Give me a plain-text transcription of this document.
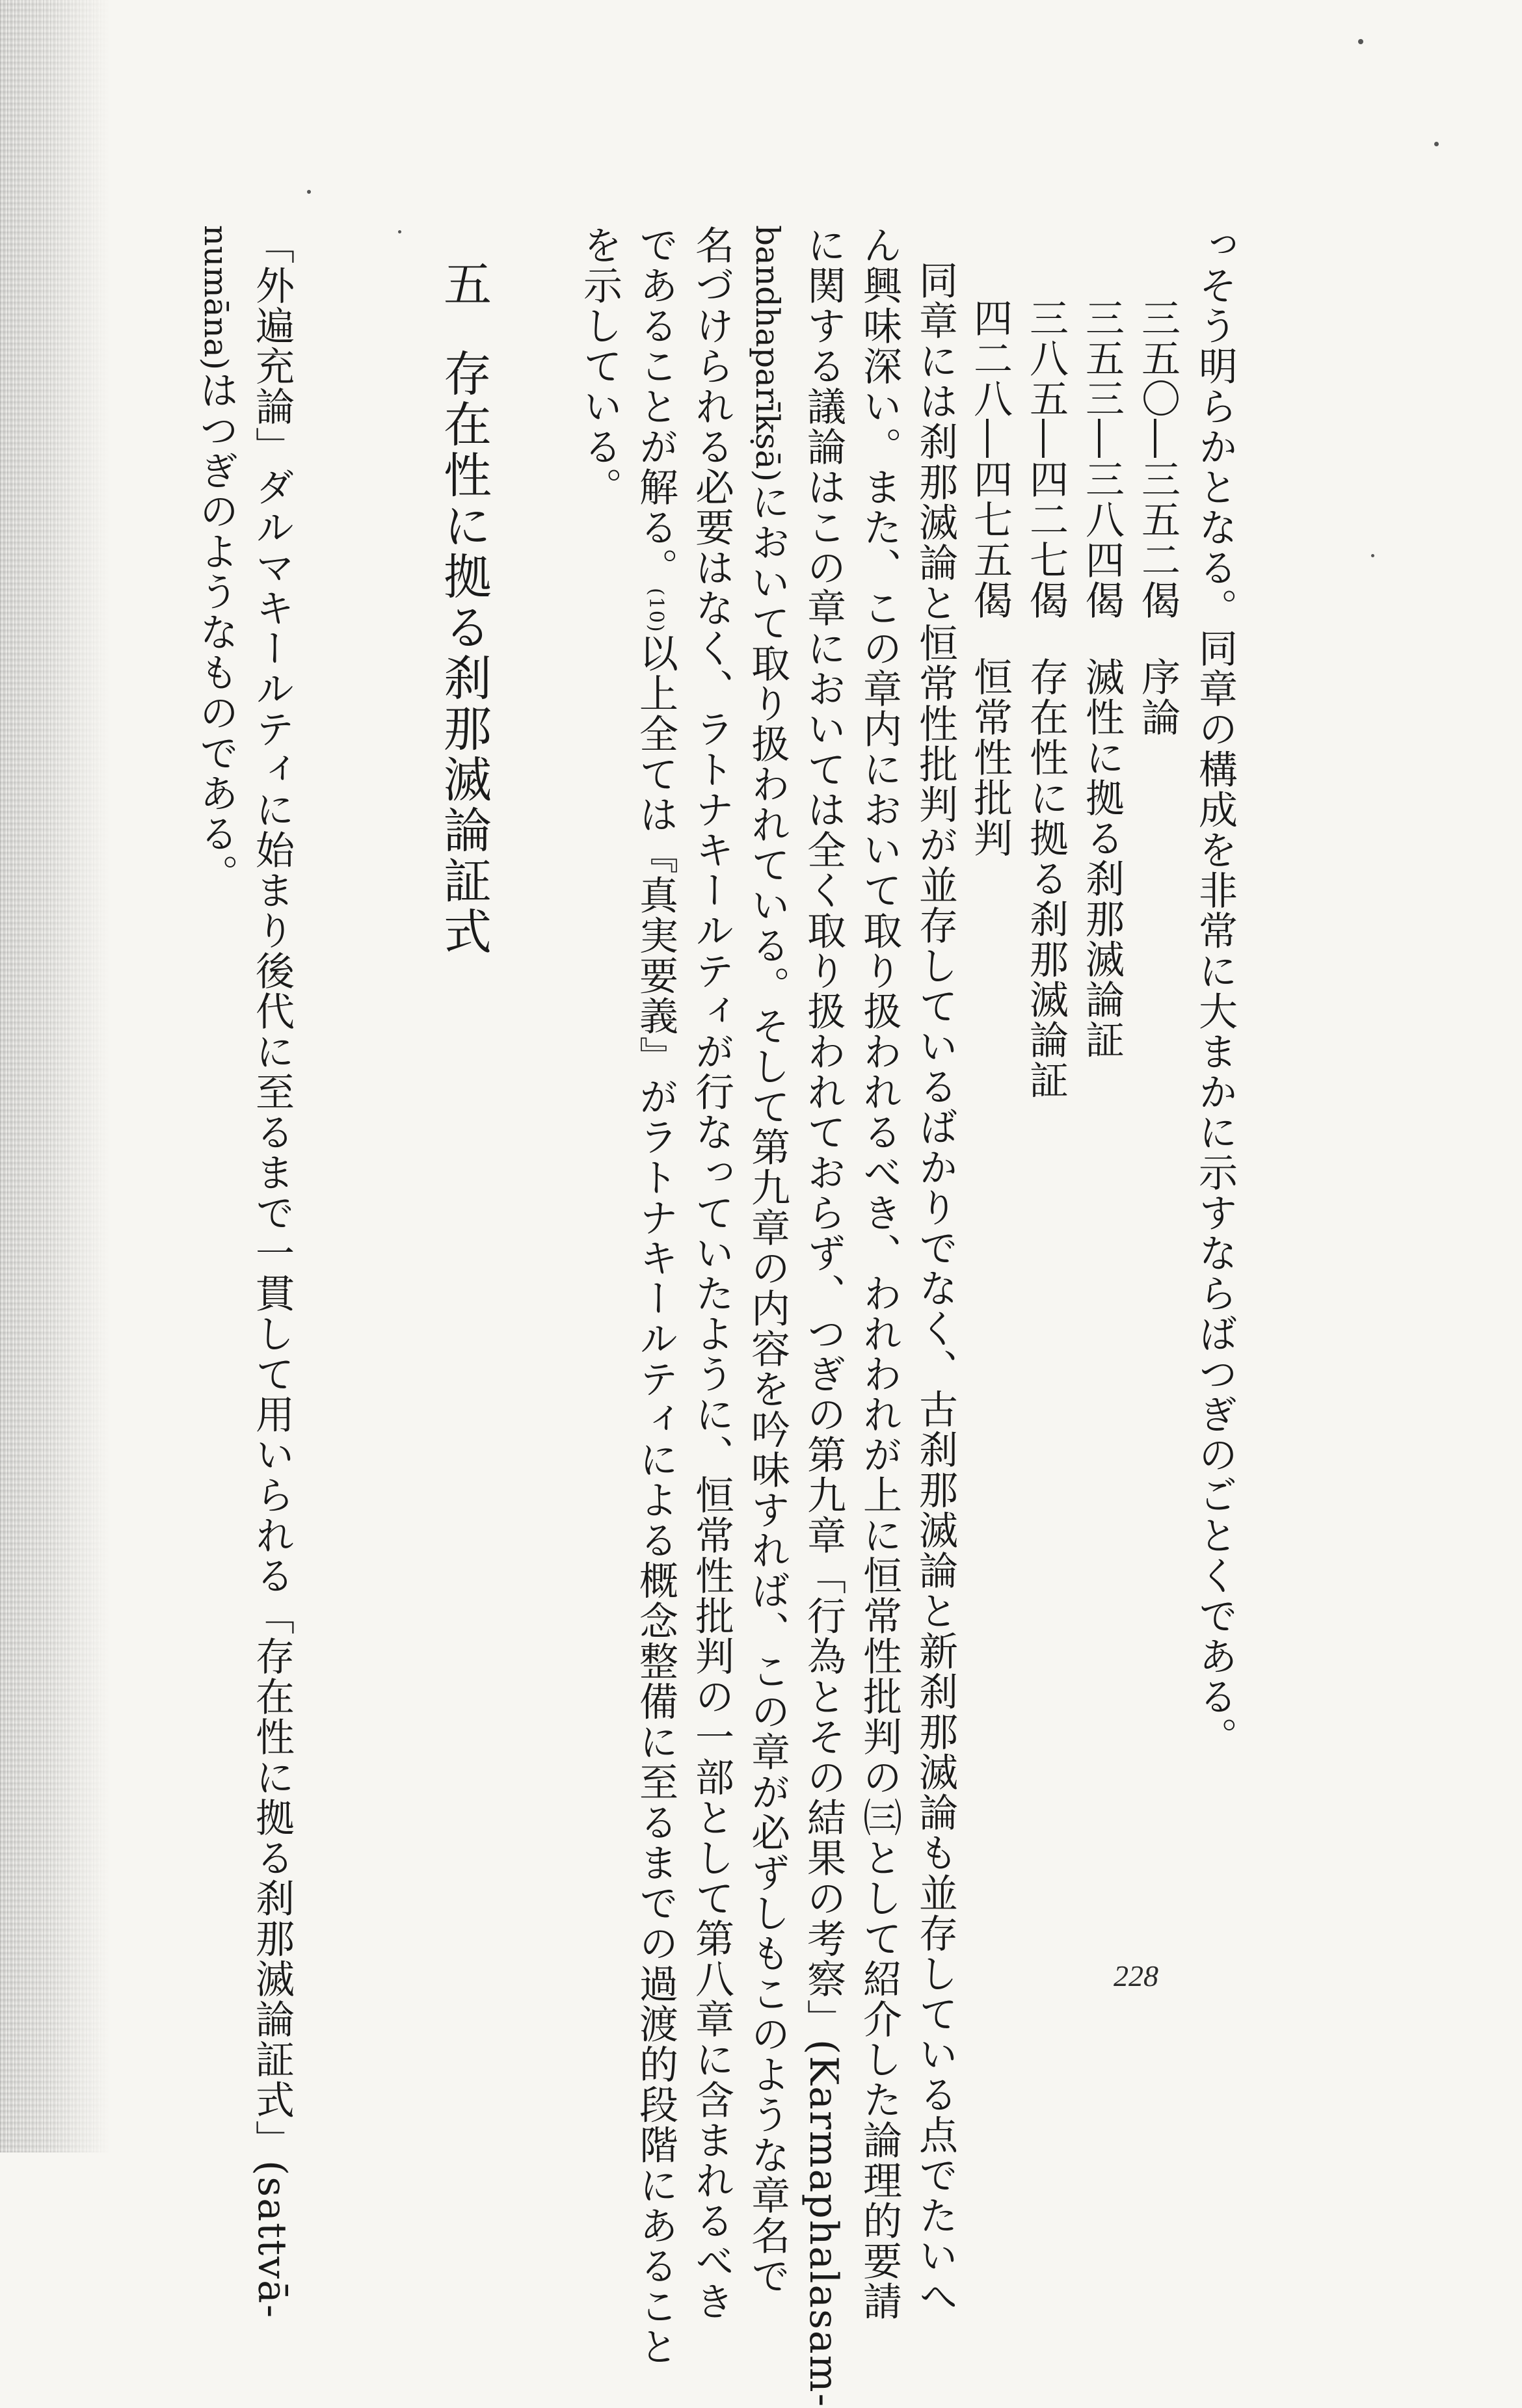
っそう明らかとなる。同章の構成を非常に大まかに示すならばつぎのごとくである。
三五〇―三五二偈序論
三五三―三八四偈滅性に拠る刹那滅論証
三八五―四二七偈存在性に拠る刹那滅論証
四二八―四七五偈恒常性批判
同章には刹那滅論と恒常性批判が並存しているばかりでなく、古刹那滅論と新刹那滅論も並存している点でたいへ
ん興味深い。また、この章内において取り扱われるべき、われわれが上に恒常性批判の㈢として紹介した論理的要請
に関する議論はこの章においては全く取り扱われておらず、つぎの第九章「行為とその結果の考察」(Karmaphalasam-
bandhaparīkṣā)において取り扱われている。そして第九章の内容を吟味すれば、この章が必ずしもこのような章名で
名づけられる必要はなく、ラトナキールティが行なっていたように、恒常性批判の一部として第八章に含まれるべき
であることが解る。(10)以上全ては『真実要義』がラトナキールティによる概念整備に至るまでの過渡的段階にあること
を示している。
五存在性に拠る刹那滅論証式
「外遍充論」ダルマキールティに始まり後代に至るまで一貫して用いられる「存在性に拠る刹那滅論証式」(sattvā-
numāna)はつぎのようなものである。
228
